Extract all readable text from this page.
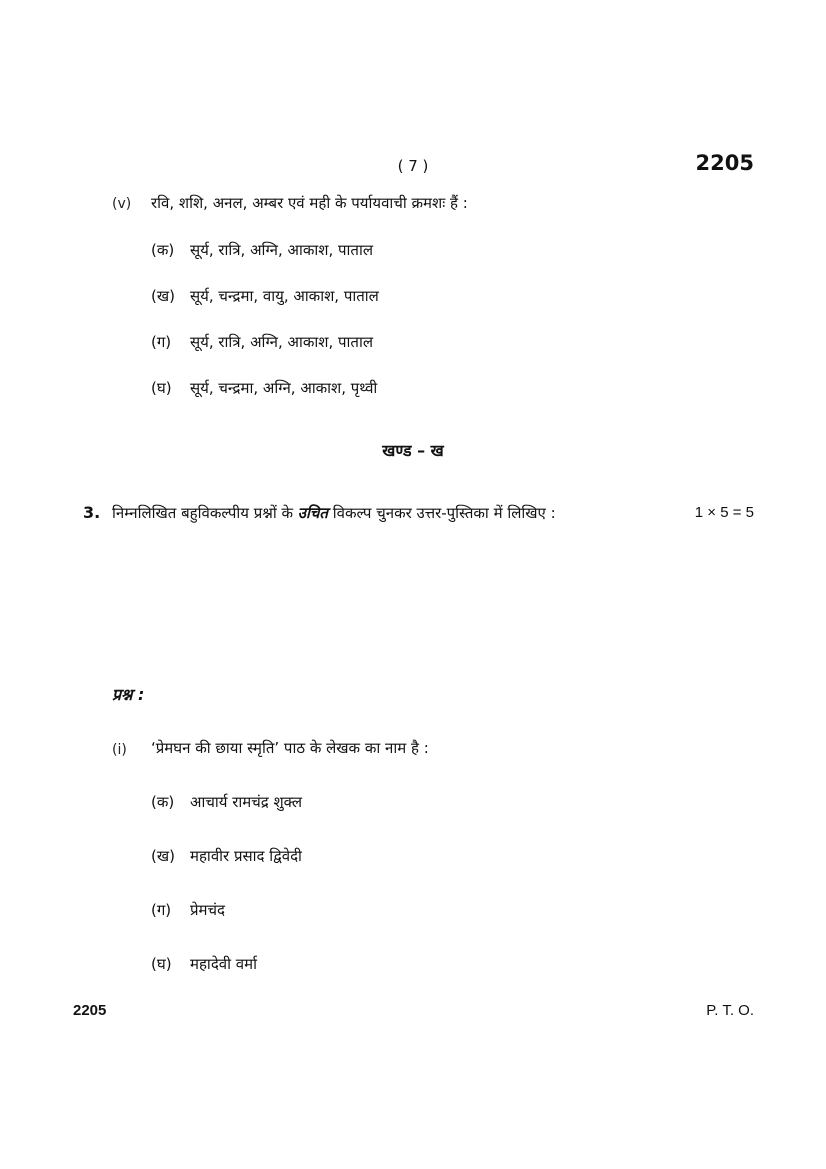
( 7 )	2205
(v) रवि, शशि, अनल, अम्बर एवं मही के पर्यायवाची क्रमशः हैं :
(क) सूर्य, रात्रि, अग्नि, आकाश, पाताल
(ख) सूर्य, चन्द्रमा, वायु, आकाश, पाताल
(ग) सूर्य, रात्रि, अग्नि, आकाश, पाताल
(घ) सूर्य, चन्द्रमा, अग्नि, आकाश, पृथ्वी
खण्ड – ख
3. निम्नलिखित बहुविकल्पीय प्रश्नों के उचित विकल्प चुनकर उत्तर-पुस्तिका में लिखिए :	1 × 5 = 5
प्रश्न :
(i) ‘प्रेमघन की छाया स्मृति’ पाठ के लेखक का नाम है :
(क) आचार्य रामचंद्र शुक्ल
(ख) महावीर प्रसाद द्विवेदी
(ग) प्रेमचंद
(घ) महादेवी वर्मा
2205	P. T. O.
